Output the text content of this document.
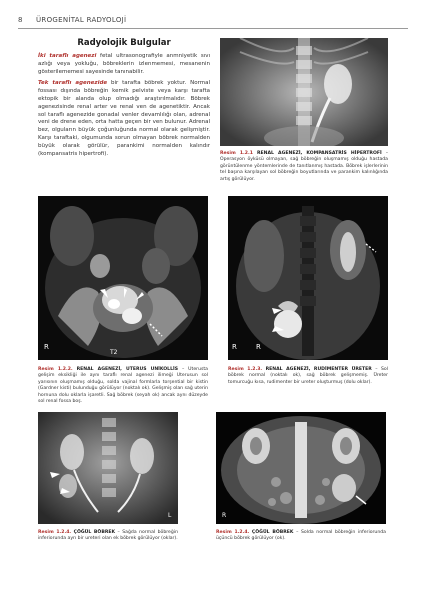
8 ÜROGENİTAL RADYOLOJİ
Radyolojik Bulgular

İki taraflı agenezi fetal ultrasonografiyle anmniyetik sıvı azlığı veya yokluğu, böbreklerin izlenmemesi, mesanenin gösterilememesi sayesinde tanınabilir.

Tek taraflı agenezide bir tarafta böbrek yoktur. Normal fossası dışında böbreğin kemik pelviste veya karşı tarafta ektopik bir alanda olup olmadığı araştırılmalıdır. Böbrek agenezisinde renal arter ve renal ven de agenetiktir. Ancak sol taraflı agenezide gonadal venler devamlılığı olan, adrenal veni de drene eden, orta hatta geçen bir ven bulunur. Adrenal bez, olguların büyük çoğunluğunda normal olarak gelişmiştir. Karşı taraftaki, olgumunda sorun olmayan böbrek normalden büyük olarak görülür, parankimi normalden kalındır (kompansatris hipertrofi).	Resim 1.2.1 RENAL AGENEZİ, KOMPANSATRİS HİPERTROFİ – Operasyon öyküsü olmayan, sağ böbreğin oluşmamış olduğu hastada görüntülenme yöntemlerinde de tanıtlanmış hastada. Böbrek işlerlerinin tel başına karşılayan sol böbreğin boyutlarında ve parankim kalınlığında artış görülüyor.
R
T2
Resim 1.2.2. RENAL AGENEZİ, UTERUS UNİKOLLİS – Uterusta gelişim eksikliği ile aynı taraflı renal agenezi ilimeği Uterusun sol yarısının oluşmamış olduğu, solda vajinal formlarla torşential bir kistin (Gardner kisti) bulunduğu görülüyor (noktalı ok). Gelişmiş olan sağ uterin hornuna dolu oklarla işaretli. Sağ böbrek (seyah ok) ancak aynı düzeyde sol renal fossa boş.
R	R
Resim 1.2.3. RENAL AGENEZİ, RUDİMENTER ÜRETER – Sol böbrek normal (noktalı ok), sağ böbrek gelişmemiş. Üreter tomurcuğu kısa, rudimenter bir ureter oluşturmuş (dolu oklar).
L
Resim 1.2.4. ÇÖĞÜL BÖBREK – Sağda normal böbreğin inferiorunda ayrı bir ureteri olan ek böbrek görülüyor (oklar).
R
Resim 1.2.4. ÇÖĞÜL BÖBREK – Solda normal böbreğin inferiorunda üçüncü böbrek görülüyor (ok).
